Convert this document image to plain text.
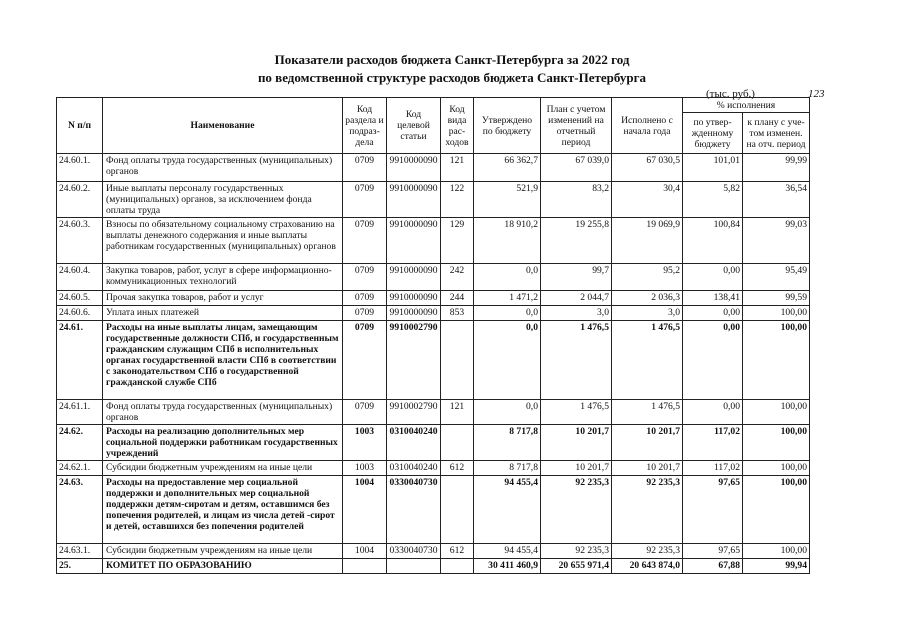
Показатели расходов бюджета Санкт-Петербурга за 2022 год
по ведомственной структуре расходов бюджета Санкт-Петербурга
(тыс. руб.)	123
N п/п	Наименование	Код раздела и подраз-дела	Код целевой статьи	Код вида рас-ходов	Утверждено по бюджету	План с учетом изменений на отчетный период	Исполнено с начала года	% исполнения	
								по утвер-жденному бюджету	к плану с уче-том изменен. на отч. период
24.60.1.	Фонд оплаты труда государственных (муниципальных) органов	0709	9910000090	121	66 362,7	67 039,0	67 030,5	101,01	99,99
24.60.2.	Иные выплаты персоналу государственных (муниципальных) органов, за исключением фонда оплаты труда	0709	9910000090	122	521,9	83,2	30,4	5,82	36,54
24.60.3.	Взносы по обязательному социальному страхованию на выплаты денежного содержания и иные выплаты работникам государственных (муниципальных) органов	0709	9910000090	129	18 910,2	19 255,8	19 069,9	100,84	99,03
24.60.4.	Закупка товаров, работ, услуг в сфере информационно-коммуникационных технологий	0709	9910000090	242	0,0	99,7	95,2	0,00	95,49
24.60.5.	Прочая закупка товаров, работ и услуг	0709	9910000090	244	1 471,2	2 044,7	2 036,3	138,41	99,59
24.60.6.	Уплата иных платежей	0709	9910000090	853	0,0	3,0	3,0	0,00	100,00
24.61.	Расходы на иные выплаты лицам, замещающим государственные должности СПб, и государственным гражданским служащим СПб в исполнительных органах государственной власти СПб в соответствии с законодательством СПб о государственной гражданской службе СПб	0709	9910002790		0,0	1 476,5	1 476,5	0,00	100,00
24.61.1.	Фонд оплаты труда государственных (муниципальных) органов	0709	9910002790	121	0,0	1 476,5	1 476,5	0,00	100,00
24.62.	Расходы на реализацию дополнительных мер социальной поддержки работникам государственных учреждений	1003	0310040240		8 717,8	10 201,7	10 201,7	117,02	100,00
24.62.1.	Субсидии бюджетным учреждениям на иные цели	1003	0310040240	612	8 717,8	10 201,7	10 201,7	117,02	100,00
24.63.	Расходы на предоставление мер социальной поддержки и дополнительных мер социальной поддержки детям-сиротам и детям, оставшимся без попечения родителей, и лицам из числа детей -сирот и детей, оставшихся без попечения родителей	1004	0330040730		94 455,4	92 235,3	92 235,3	97,65	100,00
24.63.1.	Субсидии бюджетным учреждениям на иные цели	1004	0330040730	612	94 455,4	92 235,3	92 235,3	97,65	100,00
25.	КОМИТЕТ ПО ОБРАЗОВАНИЮ				30 411 460,9	20 655 971,4	20 643 874,0	67,88	99,94
